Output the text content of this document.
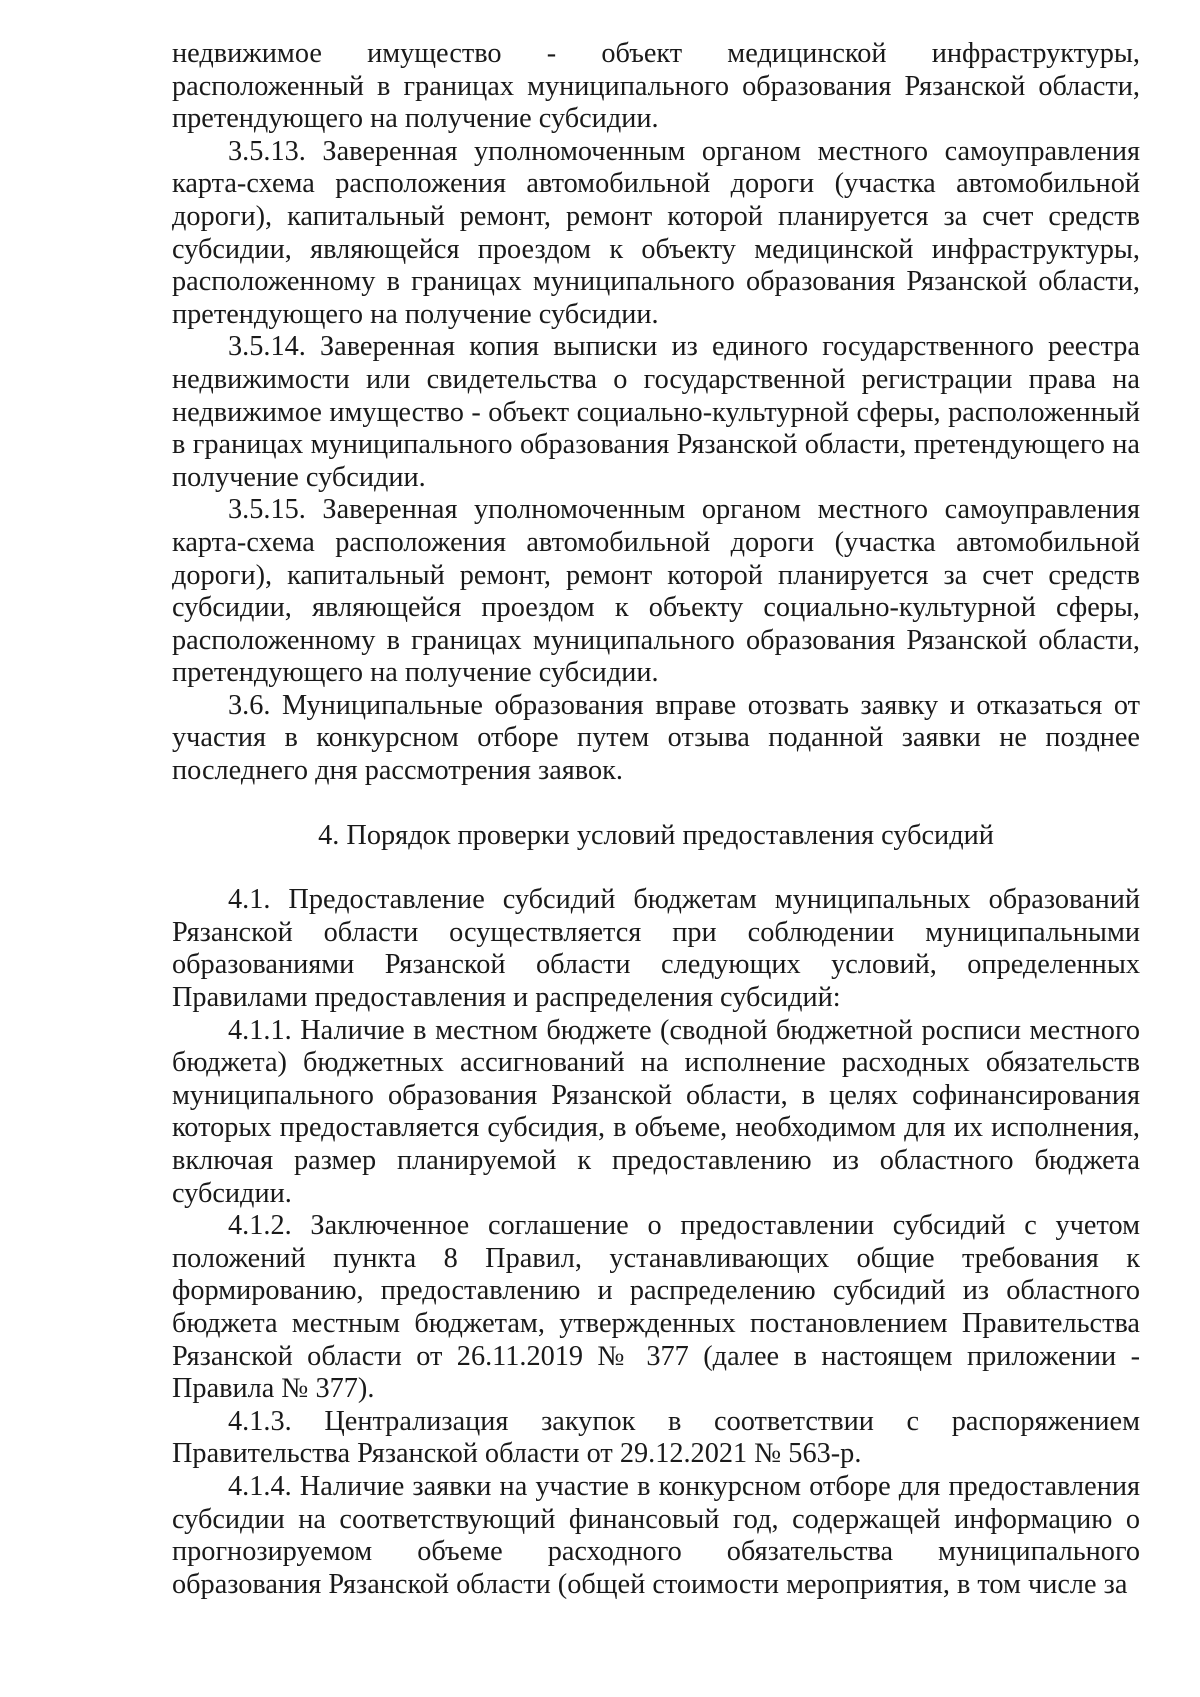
недвижимое имущество - объект медицинской инфраструктуры, расположенный в границах муниципального образования Рязанской области, претендующего на получение субсидии.

3.5.13. Заверенная уполномоченным органом местного самоуправления карта-схема расположения автомобильной дороги (участка автомобильной дороги), капитальный ремонт, ремонт которой планируется за счет средств субсидии, являющейся проездом к объекту медицинской инфраструктуры, расположенному в границах муниципального образования Рязанской области, претендующего на получение субсидии.

3.5.14. Заверенная копия выписки из единого государственного реестра недвижимости или свидетельства о государственной регистрации права на недвижимое имущество - объект социально-культурной сферы, расположенный в границах муниципального образования Рязанской области, претендующего на получение субсидии.

3.5.15. Заверенная уполномоченным органом местного самоуправления карта-схема расположения автомобильной дороги (участка автомобильной дороги), капитальный ремонт, ремонт которой планируется за счет средств субсидии, являющейся проездом к объекту социально-культурной сферы, расположенному в границах муниципального образования Рязанской области, претендующего на получение субсидии.

3.6. Муниципальные образования вправе отозвать заявку и отказаться от участия в конкурсном отборе путем отзыва поданной заявки не позднее последнего дня рассмотрения заявок.

4. Порядок проверки условий предоставления субсидий

4.1. Предоставление субсидий бюджетам муниципальных образований Рязанской области осуществляется при соблюдении муниципальными образованиями Рязанской области следующих условий, определенных Правилами предоставления и распределения субсидий:

4.1.1. Наличие в местном бюджете (сводной бюджетной росписи местного бюджета) бюджетных ассигнований на исполнение расходных обязательств муниципального образования Рязанской области, в целях софинансирования которых предоставляется субсидия, в объеме, необходимом для их исполнения, включая размер планируемой к предоставлению из областного бюджета субсидии.

4.1.2. Заключенное соглашение о предоставлении субсидий с учетом положений пункта 8 Правил, устанавливающих общие требования к формированию, предоставлению и распределению субсидий из областного бюджета местным бюджетам, утвержденных постановлением Правительства Рязанской области от 26.11.2019 № 377 (далее в настоящем приложении - Правила № 377).

4.1.3. Централизация закупок в соответствии с распоряжением Правительства Рязанской области от 29.12.2021 № 563-р.

4.1.4. Наличие заявки на участие в конкурсном отборе для предоставления субсидии на соответствующий финансовый год, содержащей информацию о прогнозируемом объеме расходного обязательства муниципального образования Рязанской области (общей стоимости мероприятия, в том числе за
